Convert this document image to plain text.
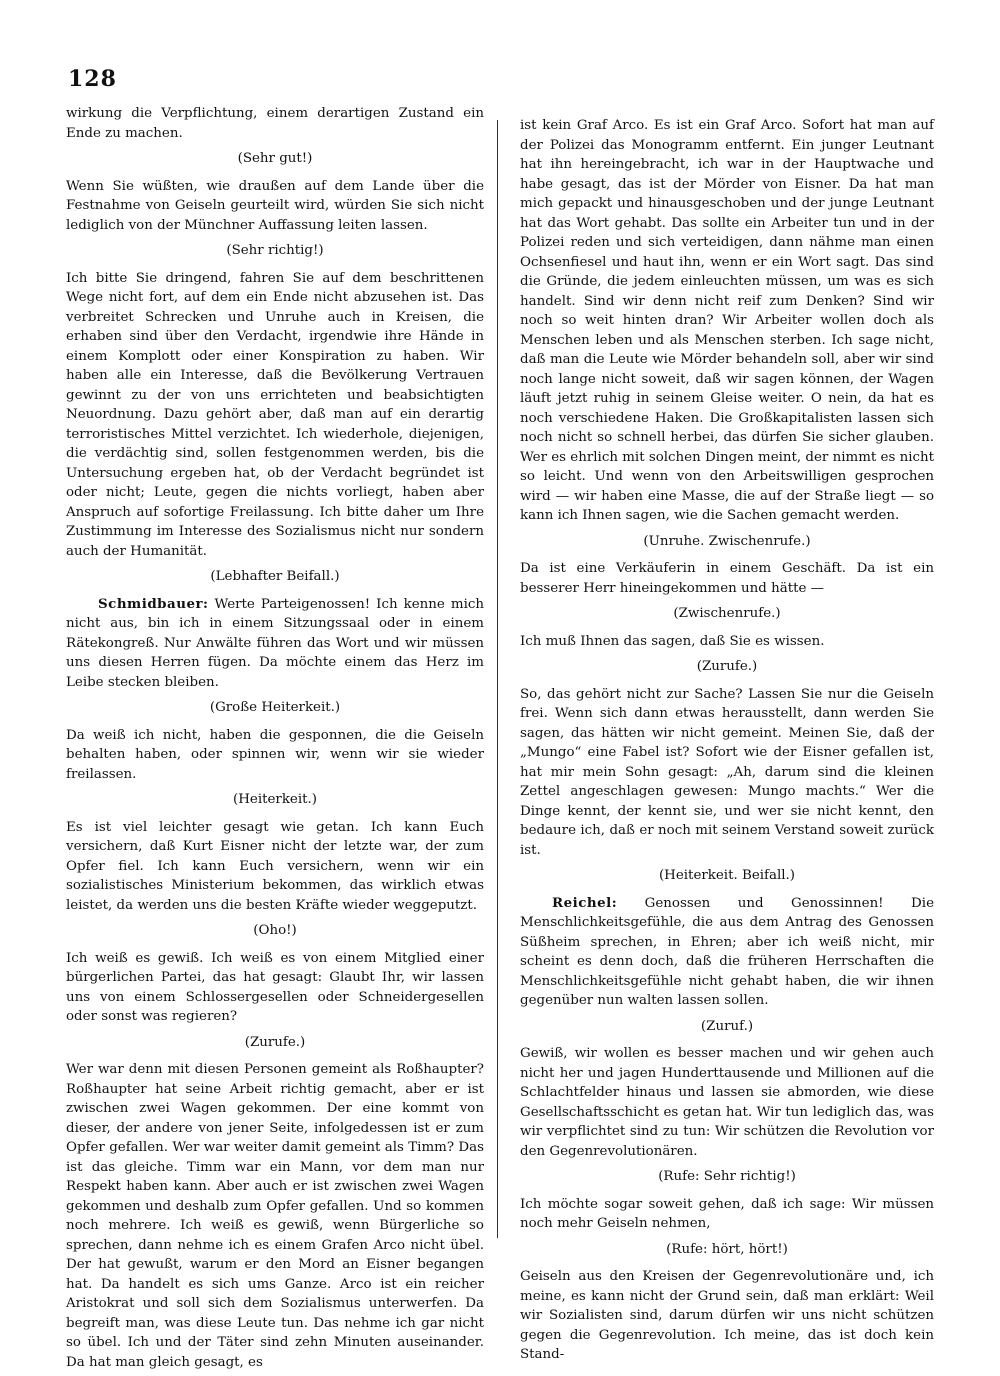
128

wirkung die Verpflichtung, einem derartigen Zustand ein Ende zu machen.

(Sehr gut!)

Wenn Sie wüßten, wie draußen auf dem Lande über die Festnahme von Geiseln geurteilt wird, würden Sie sich nicht lediglich von der Münchner Auffassung leiten lassen.

(Sehr richtig!)

Ich bitte Sie dringend, fahren Sie auf dem beschrittenen Wege nicht fort, auf dem ein Ende nicht abzusehen ist. Das verbreitet Schrecken und Unruhe auch in Kreisen, die erhaben sind über den Verdacht, irgendwie ihre Hände in einem Komplott oder einer Konspiration zu haben. Wir haben alle ein Interesse, daß die Bevölkerung Vertrauen gewinnt zu der von uns errichteten und beabsichtigten Neuordnung. Dazu gehört aber, daß man auf ein derartig terroristisches Mittel verzichtet. Ich wiederhole, diejenigen, die verdächtig sind, sollen festgenommen werden, bis die Untersuchung ergeben hat, ob der Verdacht begründet ist oder nicht; Leute, gegen die nichts vorliegt, haben aber Anspruch auf sofortige Freilassung. Ich bitte daher um Ihre Zustimmung im Interesse des Sozialismus nicht nur sondern auch der Humanität.

(Lebhafter Beifall.)

Schmidbauer: Werte Parteigenossen! Ich kenne mich nicht aus, bin ich in einem Sitzungssaal oder in einem Rätekongreß. Nur Anwälte führen das Wort und wir müssen uns diesen Herren fügen. Da möchte einem das Herz im Leibe stecken bleiben.

(Große Heiterkeit.)

Da weiß ich nicht, haben die gesponnen, die die Geiseln behalten haben, oder spinnen wir, wenn wir sie wieder freilassen.

(Heiterkeit.)

Es ist viel leichter gesagt wie getan. Ich kann Euch versichern, daß Kurt Eisner nicht der letzte war, der zum Opfer fiel. Ich kann Euch versichern, wenn wir ein sozialistisches Ministerium bekommen, das wirklich etwas leistet, da werden uns die besten Kräfte wieder weggeputzt.

(Oho!)

Ich weiß es gewiß. Ich weiß es von einem Mitglied einer bürgerlichen Partei, das hat gesagt: Glaubt Ihr, wir lassen uns von einem Schlossergesellen oder Schneidergesellen oder sonst was regieren?

(Zurufe.)

Wer war denn mit diesen Personen gemeint als Roßhaupter? Roßhaupter hat seine Arbeit richtig gemacht, aber er ist zwischen zwei Wagen gekommen. Der eine kommt von dieser, der andere von jener Seite, infolgedessen ist er zum Opfer gefallen. Wer war weiter damit gemeint als Timm? Das ist das gleiche. Timm war ein Mann, vor dem man nur Respekt haben kann. Aber auch er ist zwischen zwei Wagen gekommen und deshalb zum Opfer gefallen. Und so kommen noch mehrere. Ich weiß es gewiß, wenn Bürgerliche so sprechen, dann nehme ich es einem Grafen Arco nicht übel. Der hat gewußt, warum er den Mord an Eisner begangen hat. Da handelt es sich ums Ganze. Arco ist ein reicher Aristokrat und soll sich dem Sozialismus unterwerfen. Da begreift man, was diese Leute tun. Das nehme ich gar nicht so übel. Ich und der Täter sind zehn Minuten auseinander. Da hat man gleich gesagt, es

ist kein Graf Arco. Es ist ein Graf Arco. Sofort hat man auf der Polizei das Monogramm entfernt. Ein junger Leutnant hat ihn hereingebracht, ich war in der Hauptwache und habe gesagt, das ist der Mörder von Eisner. Da hat man mich gepackt und hinausgeschoben und der junge Leutnant hat das Wort gehabt. Das sollte ein Arbeiter tun und in der Polizei reden und sich verteidigen, dann nähme man einen Ochsenfiesel und haut ihn, wenn er ein Wort sagt. Das sind die Gründe, die jedem einleuchten müssen, um was es sich handelt. Sind wir denn nicht reif zum Denken? Sind wir noch so weit hinten dran? Wir Arbeiter wollen doch als Menschen leben und als Menschen sterben. Ich sage nicht, daß man die Leute wie Mörder behandeln soll, aber wir sind noch lange nicht soweit, daß wir sagen können, der Wagen läuft jetzt ruhig in seinem Gleise weiter. O nein, da hat es noch verschiedene Haken. Die Großkapitalisten lassen sich noch nicht so schnell herbei, das dürfen Sie sicher glauben. Wer es ehrlich mit solchen Dingen meint, der nimmt es nicht so leicht. Und wenn von den Arbeitswilligen gesprochen wird — wir haben eine Masse, die auf der Straße liegt — so kann ich Ihnen sagen, wie die Sachen gemacht werden.

(Unruhe. Zwischenrufe.)

Da ist eine Verkäuferin in einem Geschäft. Da ist ein besserer Herr hineingekommen und hätte —

(Zwischenrufe.)

Ich muß Ihnen das sagen, daß Sie es wissen.

(Zurufe.)

So, das gehört nicht zur Sache? Lassen Sie nur die Geiseln frei. Wenn sich dann etwas herausstellt, dann werden Sie sagen, das hätten wir nicht gemeint. Meinen Sie, daß der „Mungo“ eine Fabel ist? Sofort wie der Eisner gefallen ist, hat mir mein Sohn gesagt: „Ah, darum sind die kleinen Zettel angeschlagen gewesen: Mungo machts.“ Wer die Dinge kennt, der kennt sie, und wer sie nicht kennt, den bedaure ich, daß er noch mit seinem Verstand soweit zurück ist.

(Heiterkeit. Beifall.)

Reichel: Genossen und Genossinnen! Die Menschlichkeitsgefühle, die aus dem Antrag des Genossen Süßheim sprechen, in Ehren; aber ich weiß nicht, mir scheint es denn doch, daß die früheren Herrschaften die Menschlichkeitsgefühle nicht gehabt haben, die wir ihnen gegenüber nun walten lassen sollen.

(Zuruf.)

Gewiß, wir wollen es besser machen und wir gehen auch nicht her und jagen Hunderttausende und Millionen auf die Schlachtfelder hinaus und lassen sie abmorden, wie diese Gesellschaftsschicht es getan hat. Wir tun lediglich das, was wir verpflichtet sind zu tun: Wir schützen die Revolution vor den Gegenrevolutionären.

(Rufe: Sehr richtig!)

Ich möchte sogar soweit gehen, daß ich sage: Wir müssen noch mehr Geiseln nehmen,

(Rufe: hört, hört!)

Geiseln aus den Kreisen der Gegenrevolutionäre und, ich meine, es kann nicht der Grund sein, daß man erklärt: Weil wir Sozialisten sind, darum dürfen wir uns nicht schützen gegen die Gegenrevolution. Ich meine, das ist doch kein Stand-
